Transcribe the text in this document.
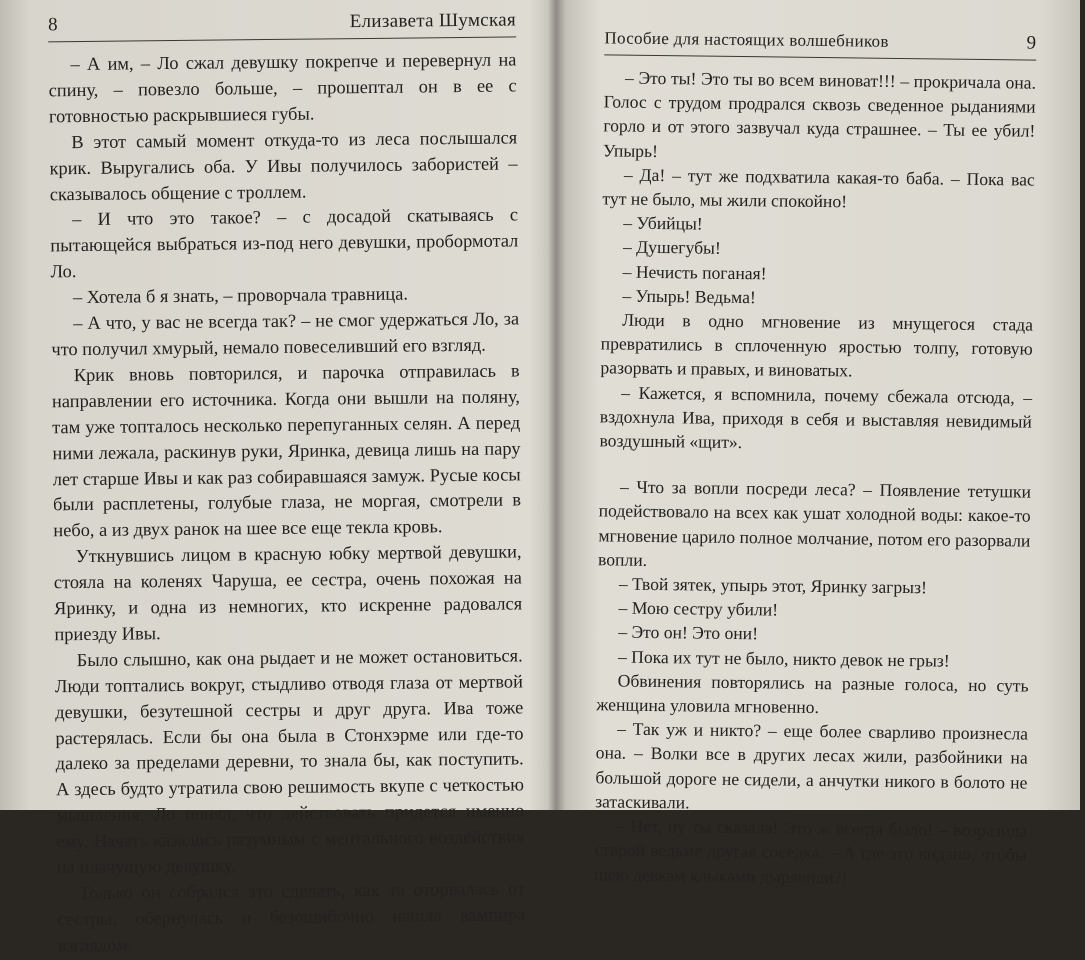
8	Елизавета Шумская

– А им, – Ло сжал девушку покрепче и перевернул на спину, – повезло больше, – прошептал он в ее с готовностью раскрывшиеся губы.

В этот самый момент откуда-то из леса послышался крик. Выругались оба. У Ивы получилось забористей – сказывалось общение с троллем.

– И что это такое? – с досадой скатываясь с пытающейся выбраться из-под него девушки, пробормотал Ло.

– Хотела б я знать, – проворчала травница.

– А что, у вас не всегда так? – не смог удержаться Ло, за что получил хмурый, немало повеселивший его взгляд.

Крик вновь повторился, и парочка отправилась в направлении его источника. Когда они вышли на поляну, там уже топталось несколько перепуганных селян. А перед ними лежала, раскинув руки, Яринка, девица лишь на пару лет старше Ивы и как раз собиравшаяся замуж. Русые косы были расплетены, голубые глаза, не моргая, смотрели в небо, а из двух ранок на шее все еще текла кровь.

Уткнувшись лицом в красную юбку мертвой девушки, стояла на коленях Чаруша, ее сестра, очень похожая на Яринку, и одна из немногих, кто искренне радовался приезду Ивы.

Было слышно, как она рыдает и не может остановиться. Люди топтались вокруг, стыдливо отводя глаза от мертвой девушки, безутешной сестры и друг друга. Ива тоже растерялась. Если бы она была в Стонхэрме или где-то далеко за пределами деревни, то знала бы, как поступить. А здесь будто утратила свою решимость вкупе с четкостью мышления. Ло понял, что действовать придется именно ему. Начать казалось разумным с ментального воздействия на плачущую девушку.

Только он собрался это сделать, как та оторвалась от сестры, обернулась и безошибочно нашла вампира взглядом.

Пособие для настоящих волшебников	9

– Это ты! Это ты во всем виноват!!! – прокричала она. Голос с трудом продрался сквозь сведенное рыданиями горло и от этого зазвучал куда страшнее. – Ты ее убил! Упырь!

– Да! – тут же подхватила какая-то баба. – Пока вас тут не было, мы жили спокойно!

– Убийцы!

– Душегубы!

– Нечисть поганая!

– Упырь! Ведьма!

Люди в одно мгновение из мнущегося стада превратились в сплоченную яростью толпу, готовую разорвать и правых, и виноватых.

– Кажется, я вспомнила, почему сбежала отсюда, – вздохнула Ива, приходя в себя и выставляя невидимый воздушный «щит».

– Что за вопли посреди леса? – Появление тетушки подействовало на всех как ушат холодной воды: какое-то мгновение царило полное молчание, потом его разорвали вопли.

– Твой зятек, упырь этот, Яринку загрыз!

– Мою сестру убили!

– Это он! Это они!

– Пока их тут не было, никто девок не грыз!

Обвинения повторялись на разные голоса, но суть женщина уловила мгновенно.

– Так уж и никто? – еще более сварливо произнесла она. – Волки все в других лесах жили, разбойники на большой дороге не сидели, а анчутки никого в болото не затаскивали.

– Нет, ну ты сказала! Это ж всегда было! – возразила старой ведьме другая соседка. – А где это видано, чтобы шею девкам клыками дырявили?!
